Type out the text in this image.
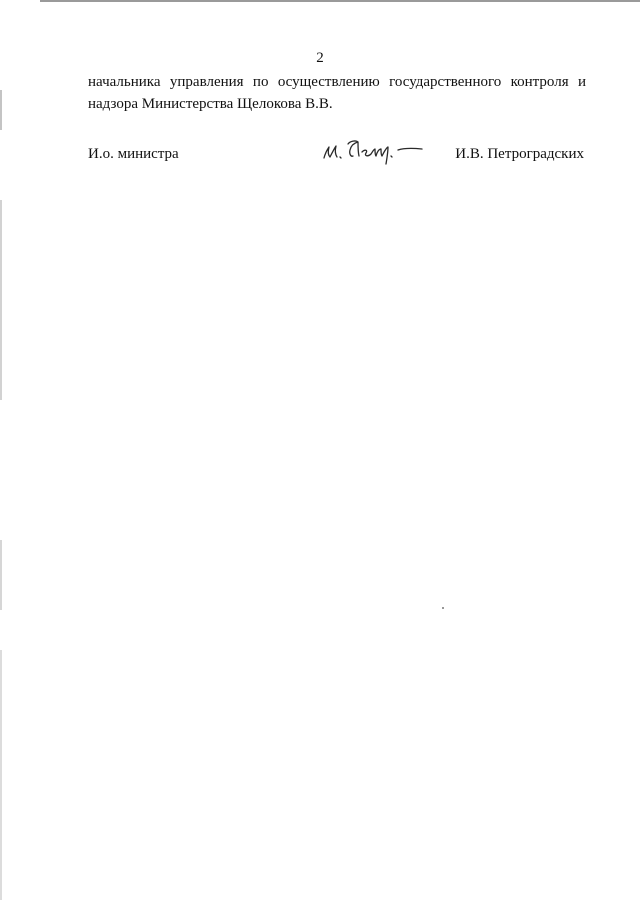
2
начальника управления по осуществлению государственного контроля и
надзора Министерства Щелокова В.В.
И.о. министра	И.В. Петроградских
